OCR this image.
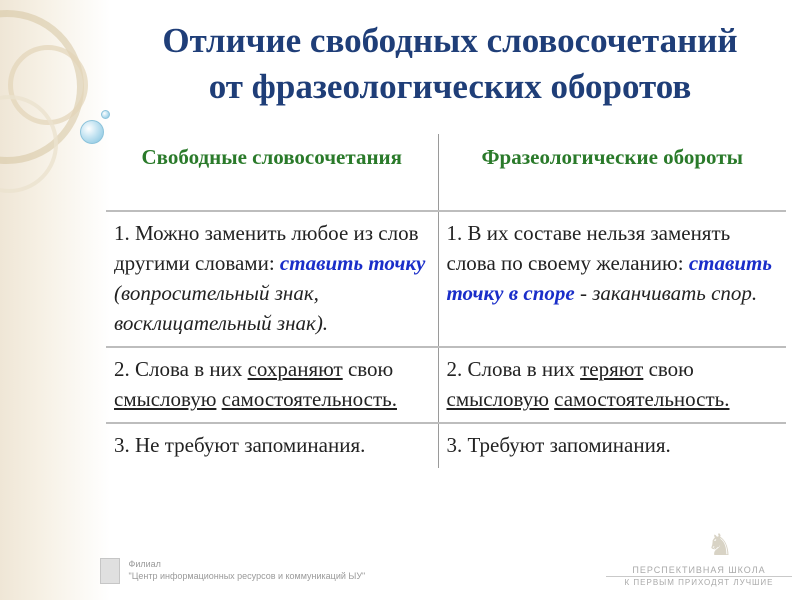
Отличие свободных словосочетаний
от фразеологических оборотов
Свободные словосочетания	Фразеологические обороты
1. Можно заменить любое из слов другими словами: ставить точку (вопросительный знак, восклицательный знак).	1. В их составе нельзя заменять слова по своему желанию: ставить точку в споре - заканчивать спор.
2. Слова в них сохраняют свою смысловую самостоятельность.	2. Слова в них теряют свою смысловую самостоятельность.
3. Не требуют запоминания.	3. Требуют запоминания.
Филиал
"Центр информационных ресурсов и коммуникаций ЫУ"
♞
ПЕРСПЕКТИВНАЯ ШКОЛА
К ПЕРВЫМ ПРИХОДЯТ ЛУЧШИЕ
